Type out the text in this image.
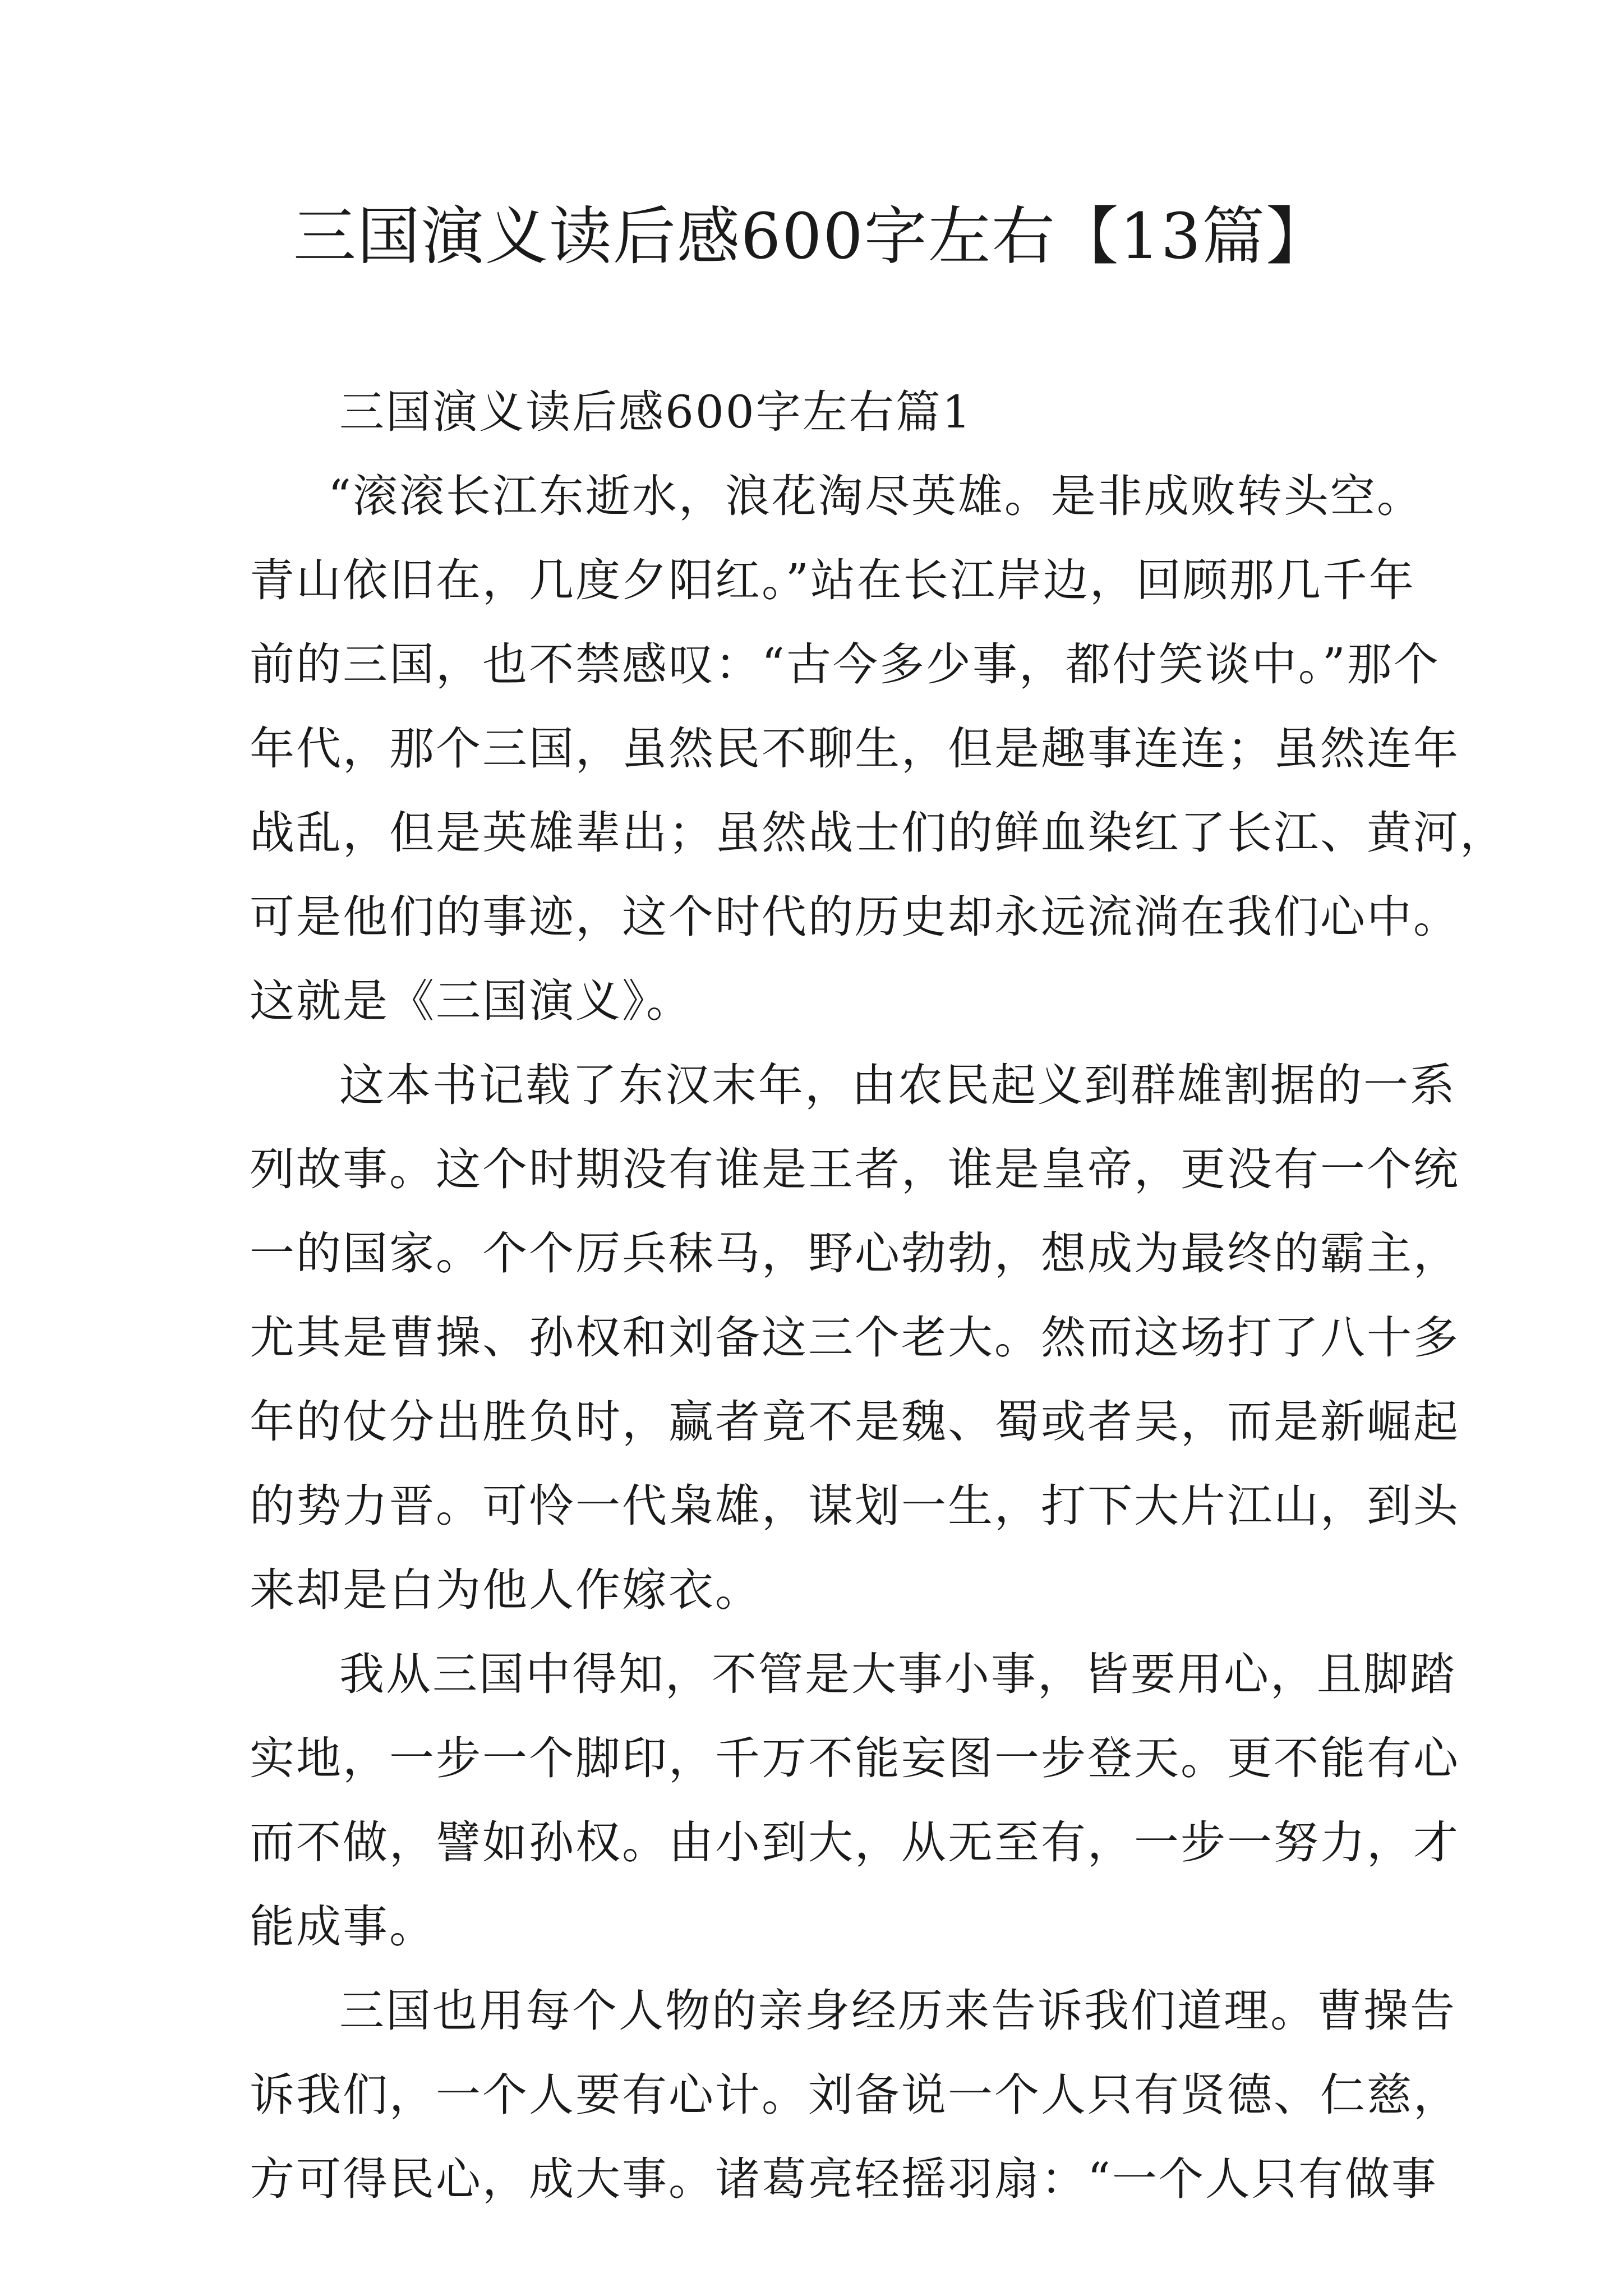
三国演义读后感600字左右【13篇】
三国演义读后感600字左右篇1
“滚滚长江东逝水，浪花淘尽英雄。是非成败转头空。
青山依旧在，几度夕阳红。”站在长江岸边，回顾那几千年
前的三国，也不禁感叹：“古今多少事，都付笑谈中。”那个
年代，那个三国，虽然民不聊生，但是趣事连连；虽然连年
战乱，但是英雄辈出；虽然战士们的鲜血染红了长江、黄河，
可是他们的事迹，这个时代的历史却永远流淌在我们心中。
这就是《三国演义》。
这本书记载了东汉末年，由农民起义到群雄割据的一系
列故事。这个时期没有谁是王者，谁是皇帝，更没有一个统
一的国家。个个厉兵秣马，野心勃勃，想成为最终的霸主，
尤其是曹操、孙权和刘备这三个老大。然而这场打了八十多
年的仗分出胜负时，赢者竟不是魏、蜀或者吴，而是新崛起
的势力晋。可怜一代枭雄，谋划一生，打下大片江山，到头
来却是白为他人作嫁衣。
我从三国中得知，不管是大事小事，皆要用心，且脚踏
实地，一步一个脚印，千万不能妄图一步登天。更不能有心
而不做，譬如孙权。由小到大，从无至有，一步一努力，才
能成事。
三国也用每个人物的亲身经历来告诉我们道理。曹操告
诉我们，一个人要有心计。刘备说一个人只有贤德、仁慈，
方可得民心，成大事。诸葛亮轻摇羽扇：“一个人只有做事
